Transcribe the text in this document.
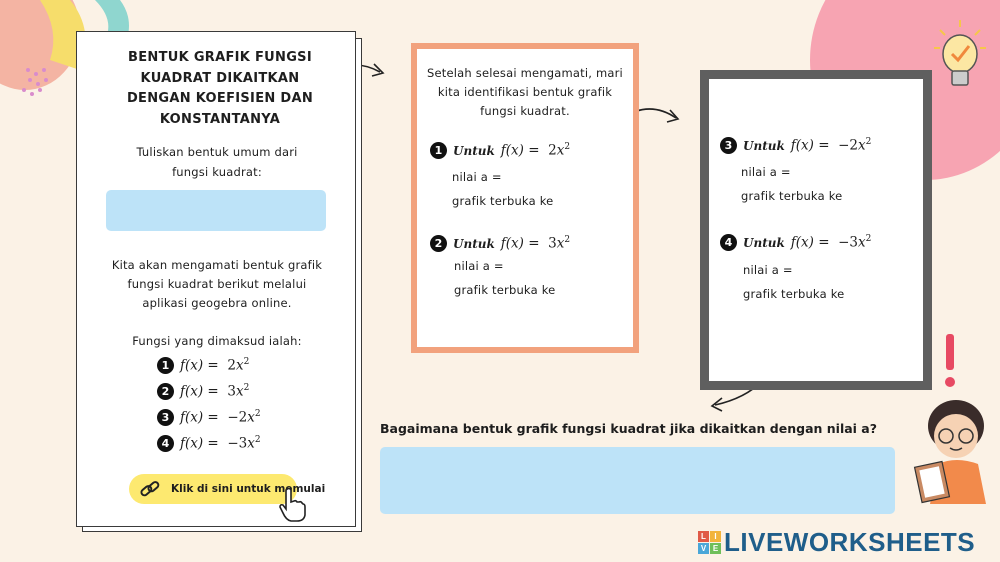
BENTUK GRAFIK FUNGSI KUADRAT DIKAITKAN DENGAN KOEFISIEN DAN KONSTANTANYA
Tuliskan bentuk umum dari
fungsi kuadrat:
Kita akan mengamati bentuk grafik
fungsi kuadrat berikut melalui
aplikasi geogebra online.
Fungsi yang dimaksud ialah:
1 $f(x) = 2x^2$
2 $f(x) = 3x^2$
3 $f(x) = -2x^2$
4 $f(x) = -3x^2$
Klik di sini untuk memulai
Setelah selesai mengamati, mari
kita identifikasi bentuk grafik
fungsi kuadrat.
1 Untuk $f(x) = 2x^2$
nilai a =
grafik terbuka ke
2 Untuk $f(x) = 3x^2$
nilai a =
grafik terbuka ke
3 Untuk $f(x) = -2x^2$
nilai a =
grafik terbuka ke
4 Untuk $f(x) = -3x^2$
nilai a =
grafik terbuka ke
Bagaimana bentuk grafik fungsi kuadrat jika dikaitkan dengan nilai a?
L	I
V E LIVEWORKSHEETS
